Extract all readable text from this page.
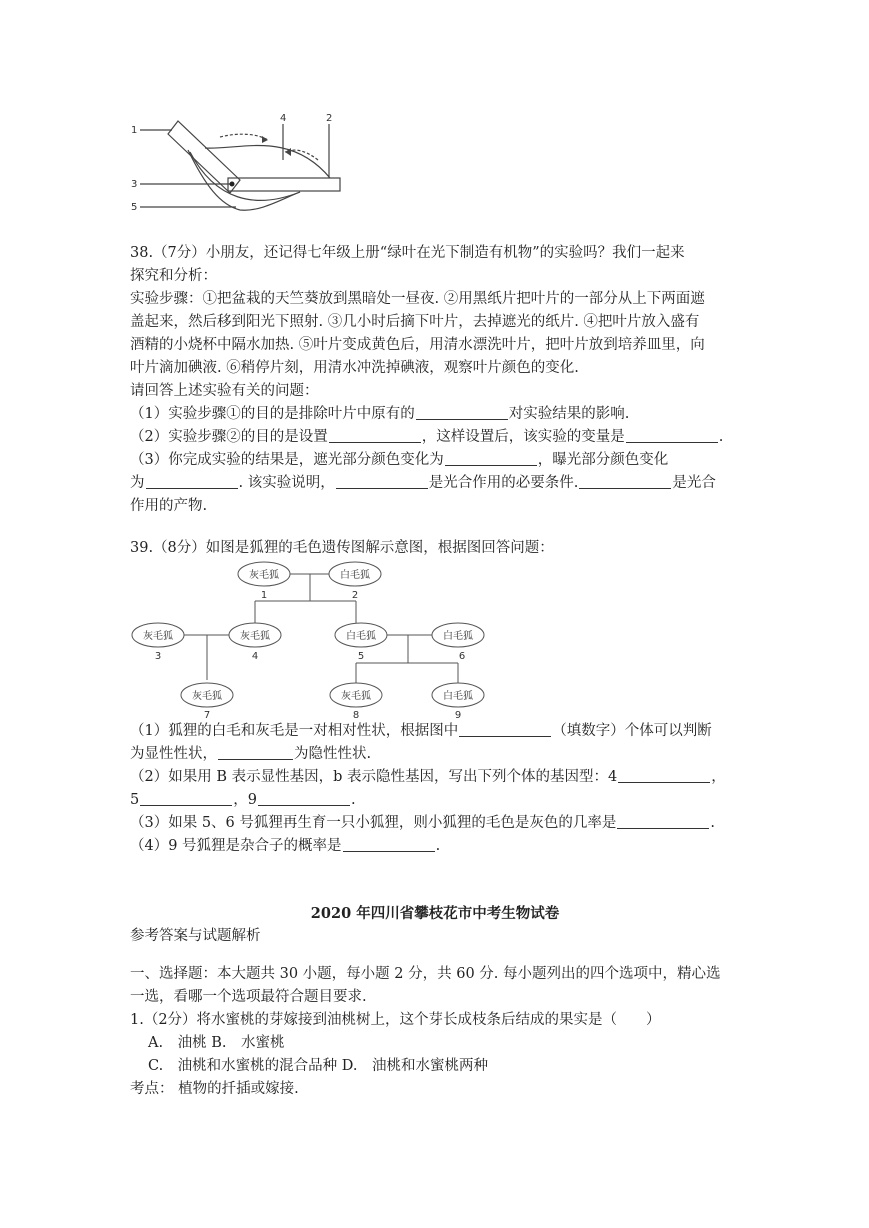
1
2
3
4
5
38.（7分）小朋友，还记得七年级上册“绿叶在光下制造有机物”的实验吗？我们一起来
探究和分析：
实验步骤：①把盆栽的天竺葵放到黑暗处一昼夜. ②用黑纸片把叶片的一部分从上下两面遮
盖起来，然后移到阳光下照射. ③几小时后摘下叶片，去掉遮光的纸片. ④把叶片放入盛有
酒精的小烧杯中隔水加热. ⑤叶片变成黄色后，用清水漂洗叶片，把叶片放到培养皿里，向
叶片滴加碘液. ⑥稍停片刻，用清水冲洗掉碘液，观察叶片颜色的变化.
请回答上述实验有关的问题：
（1）实验步骤①的目的是排除叶片中原有的	对实验结果的影响.
（2）实验步骤②的目的是设置	，这样设置后，该实验的变量是	.
（3）你完成实验的结果是，遮光部分颜色变化为	，曝光部分颜色变化
为	. 该实验说明，	是光合作用的必要条件.	是光合
作用的产物.
39.（8分）如图是狐狸的毛色遗传图解示意图，根据图回答问题：
灰毛狐	白毛狐
灰毛狐	灰毛狐	白毛狐	白毛狐
灰毛狐	灰毛狐	白毛狐
1	2
3	4	5	6
7	8	9
（1）狐狸的白毛和灰毛是一对相对性状，根据图中	（填数字）个体可以判断
为显性性状，	为隐性性状.
（2）如果用 B 表示显性基因，b 表示隐性基因，写出下列个体的基因型：4	，
5	，9	.
（3）如果 5、6 号狐狸再生育一只小狐狸，则小狐狸的毛色是灰色的几率是	.
（4）9 号狐狸是杂合子的概率是	.
2020 年四川省攀枝花市中考生物试卷
参考答案与试题解析
一、选择题：本大题共 30 小题，每小题 2 分，共 60 分. 每小题列出的四个选项中，精心选
一选，看哪一个选项最符合题目要求.
1.（2分）将水蜜桃的芽嫁接到油桃树上，这个芽长成枝条后结成的果实是（　　）
A.　油桃 B.　水蜜桃
C.　油桃和水蜜桃的混合品种 D.　油桃和水蜜桃两种
考点： 植物的扦插或嫁接.
